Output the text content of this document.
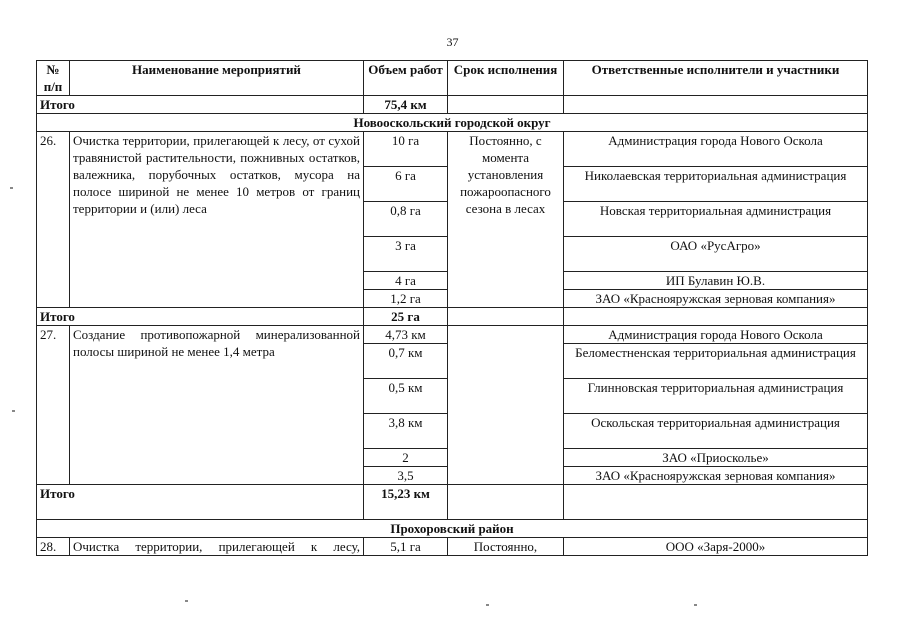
37
№ п/п	Наименование мероприятий	Объем работ	Срок исполнения	Ответственные исполнители и участники
Итого		75,4 км		
Новооскольский городской округ				
26.	Очистка территории, прилегающей к лесу, от сухой травянистой растительности, пожнивных остатков, валежника, порубочных остатков, мусора на полосе шириной не менее 10 метров от границ территории и (или) леса	10 га	Постоянно, с момента установления пожароопасного сезона в лесах	Администрация города Нового Оскола
		6 га		Николаевская территориальная администрация
		0,8 га		Новская территориальная администрация
		3 га		ОАО «РусАгро»
		4 га		ИП Булавин Ю.В.
		1,2 га		ЗАО «Красноярyжская зерновая компания»
Итого		25 га		
27.	Создание противопожарной минерализованной полосы шириной не менее 1,4 метра	4,73 км		Администрация города Нового Оскола
		0,7 км		Беломестненская территориальная администрация
		0,5 км		Глинновская территориальная администрация
		3,8 км		Оскольская территориальная администрация
		2		ЗАО «Приосколье»
		3,5		ЗАО «Красноярyжская зерновая компания»
Итого		15,23 км		
Прохоровский район				
28.	Очистка территории, прилегающей к лесу,	5,1 га	Постоянно,	ООО «Заря-2000»
